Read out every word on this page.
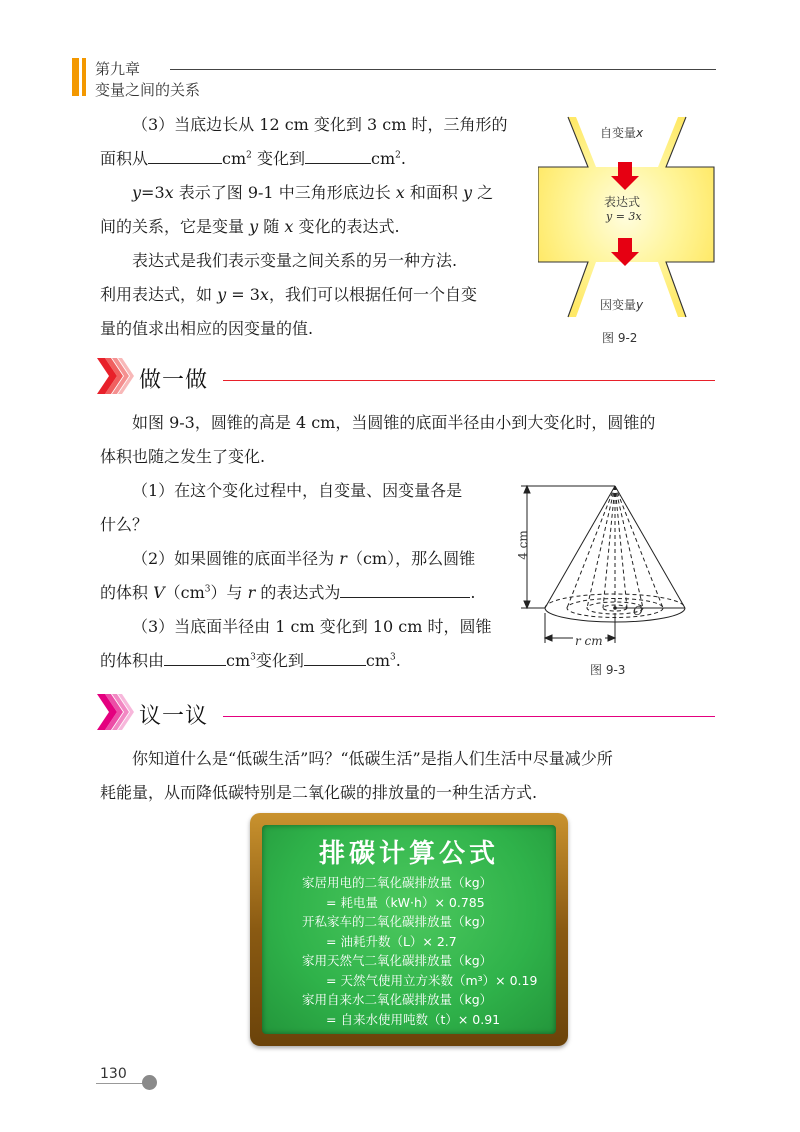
第九章
变量之间的关系

（3）当底边长从 12 cm 变化到 3 cm 时，三角形的

面积从	$cm^2$ 变化到	$cm^2$.

y=3x 表示了图 9-1 中三角形底边长 x 和面积 y 之

间的关系，它是变量 y 随 x 变化的表达式.

表达式是我们表示变量之间关系的另一种方法.

利用表达式，如 y = 3x，我们可以根据任何一个自变

量的值求出相应的因变量的值.

自变量x
表达式
y = 3x
因变量y
图 9-2
做一做

如图 9-3，圆锥的高是 4 cm，当圆锥的底面半径由小到大变化时，圆锥的

体积也随之发生了变化.

（1）在这个变化过程中，自变量、因变量各是

什么？

（2）如果圆锥的底面半径为 r（cm），那么圆锥

的体积 $V(cm^3)$与 r 的表达式为	.

（3）当底面半径由 1 cm 变化到 10 cm 时，圆锥

的体积由	$cm^3$变化到	$cm^3$.

4 cm
O
r cm
图 9-3
议一议

你知道什么是“低碳生活”吗？“低碳生活”是指人们生活中尽量减少所

耗能量，从而降低碳特别是二氧化碳的排放量的一种生活方式.

排碳计算公式
家居用电的二氧化碳排放量（kg）
= 耗电量（kW·h）× 0.785
开私家车的二氧化碳排放量（kg）
= 油耗升数（L）× 2.7
家用天然气二氧化碳排放量（kg）
= 天然气使用立方米数（m³）× 0.19
家用自来水二氧化碳排放量（kg）
= 自来水使用吨数（t）× 0.91
130
